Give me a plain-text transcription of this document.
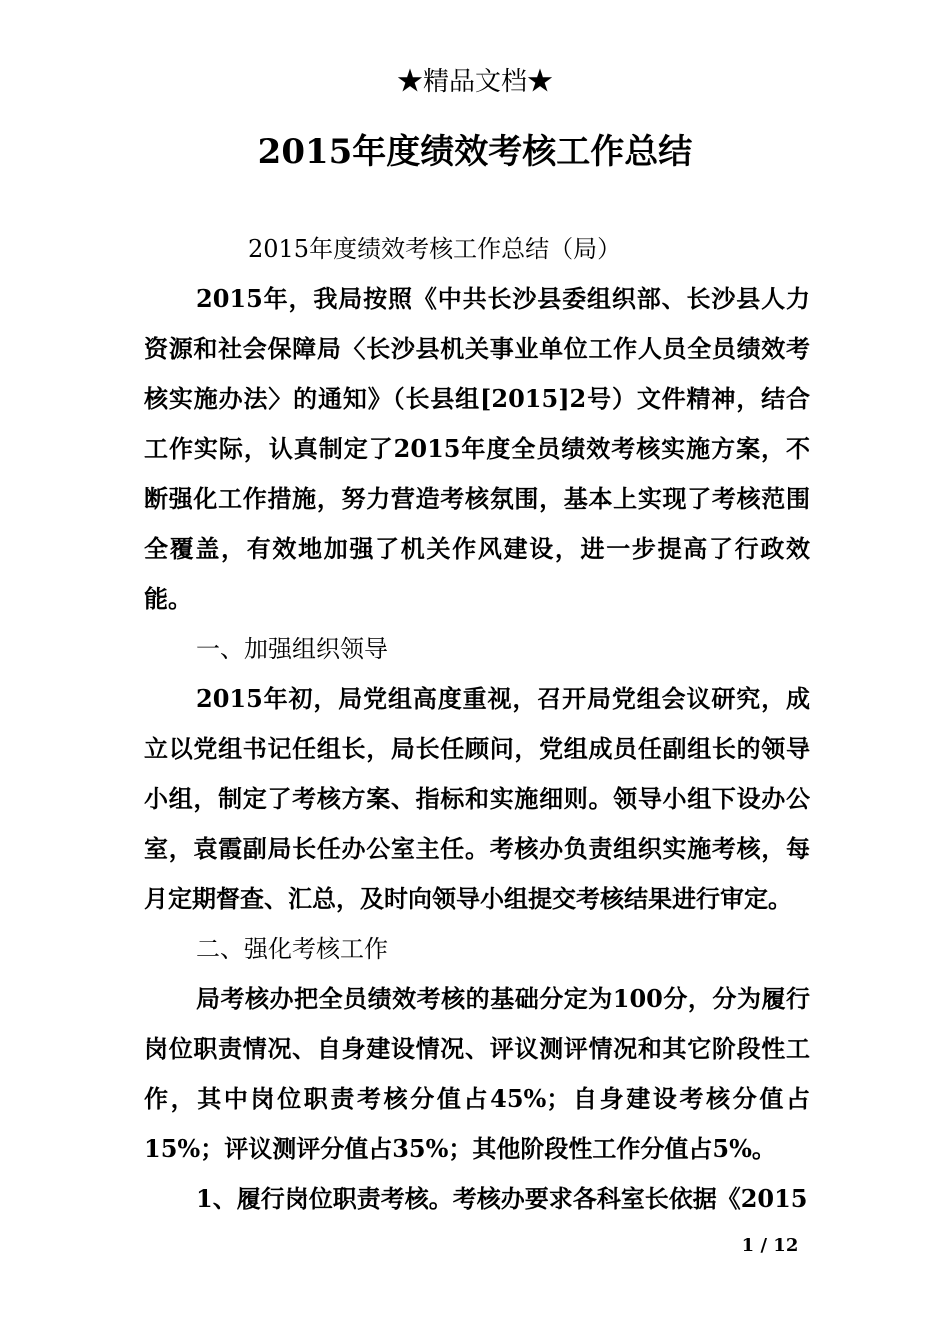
★精品文档★
2015年度绩效考核工作总结

2015年度绩效考核工作总结（局）

2015年，我局按照《中共长沙县委组织部、长沙县人力资源和社会保障局〈长沙县机关事业单位工作人员全员绩效考核实施办法〉的通知》（长县组[2015]2号）文件精神，结合工作实际，认真制定了2015年度全员绩效考核实施方案，不断强化工作措施，努力营造考核氛围，基本上实现了考核范围全覆盖，有效地加强了机关作风建设，进一步提高了行政效能。

一、加强组织领导

2015年初，局党组高度重视，召开局党组会议研究，成立以党组书记任组长，局长任顾问，党组成员任副组长的领导小组，制定了考核方案、指标和实施细则。领导小组下设办公室，袁霞副局长任办公室主任。考核办负责组织实施考核，每月定期督查、汇总，及时向领导小组提交考核结果进行审定。

二、强化考核工作

局考核办把全员绩效考核的基础分定为100分，分为履行岗位职责情况、自身建设情况、评议测评情况和其它阶段性工作，其中岗位职责考核分值占45%；自身建设考核分值占15%；评议测评分值占35%；其他阶段性工作分值占5%。

1、履行岗位职责考核。考核办要求各科室长依据《2015

1 / 12
